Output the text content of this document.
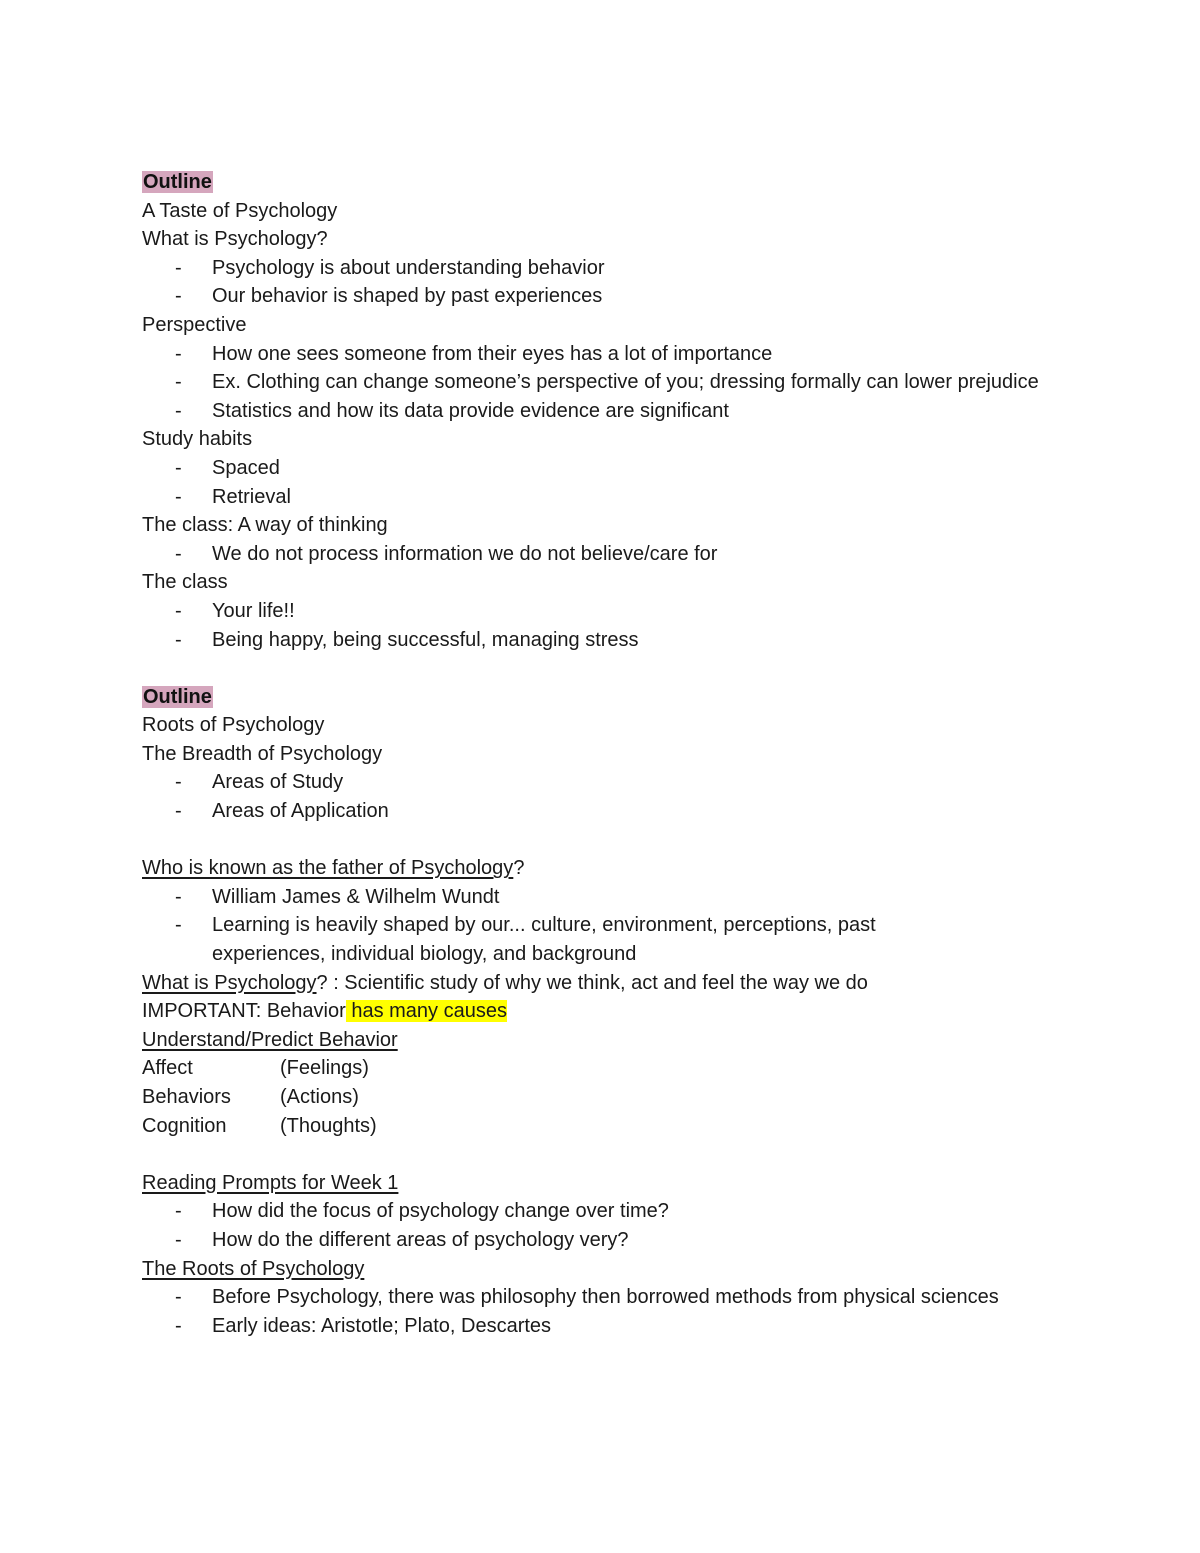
Outline
A Taste of Psychology
What is Psychology?
- Psychology is about understanding behavior
- Our behavior is shaped by past experiences
Perspective
- How one sees someone from their eyes has a lot of importance
- Ex. Clothing can change someone’s perspective of you; dressing formally can lower prejudice
- Statistics and how its data provide evidence are significant
Study habits
- Spaced
- Retrieval
The class: A way of thinking
- We do not process information we do not believe/care for
The class
- Your life!!
- Being happy, being successful, managing stress
Outline
Roots of Psychology
The Breadth of Psychology
- Areas of Study
- Areas of Application
Who is known as the father of Psychology?
- William James & Wilhelm Wundt
- Learning is heavily shaped by our... culture, environment, perceptions, past experiences, individual biology, and background
What is Psychology? : Scientific study of why we think, act and feel the way we do
IMPORTANT: Behavior has many causes
Understand/Predict Behavior
Affect	(Feelings)
Behaviors (Actions)
Cognition	(Thoughts)
Reading Prompts for Week 1
- How did the focus of psychology change over time?
- How do the different areas of psychology very?
The Roots of Psychology
- Before Psychology, there was philosophy then borrowed methods from physical sciences
- Early ideas: Aristotle; Plato, Descartes
